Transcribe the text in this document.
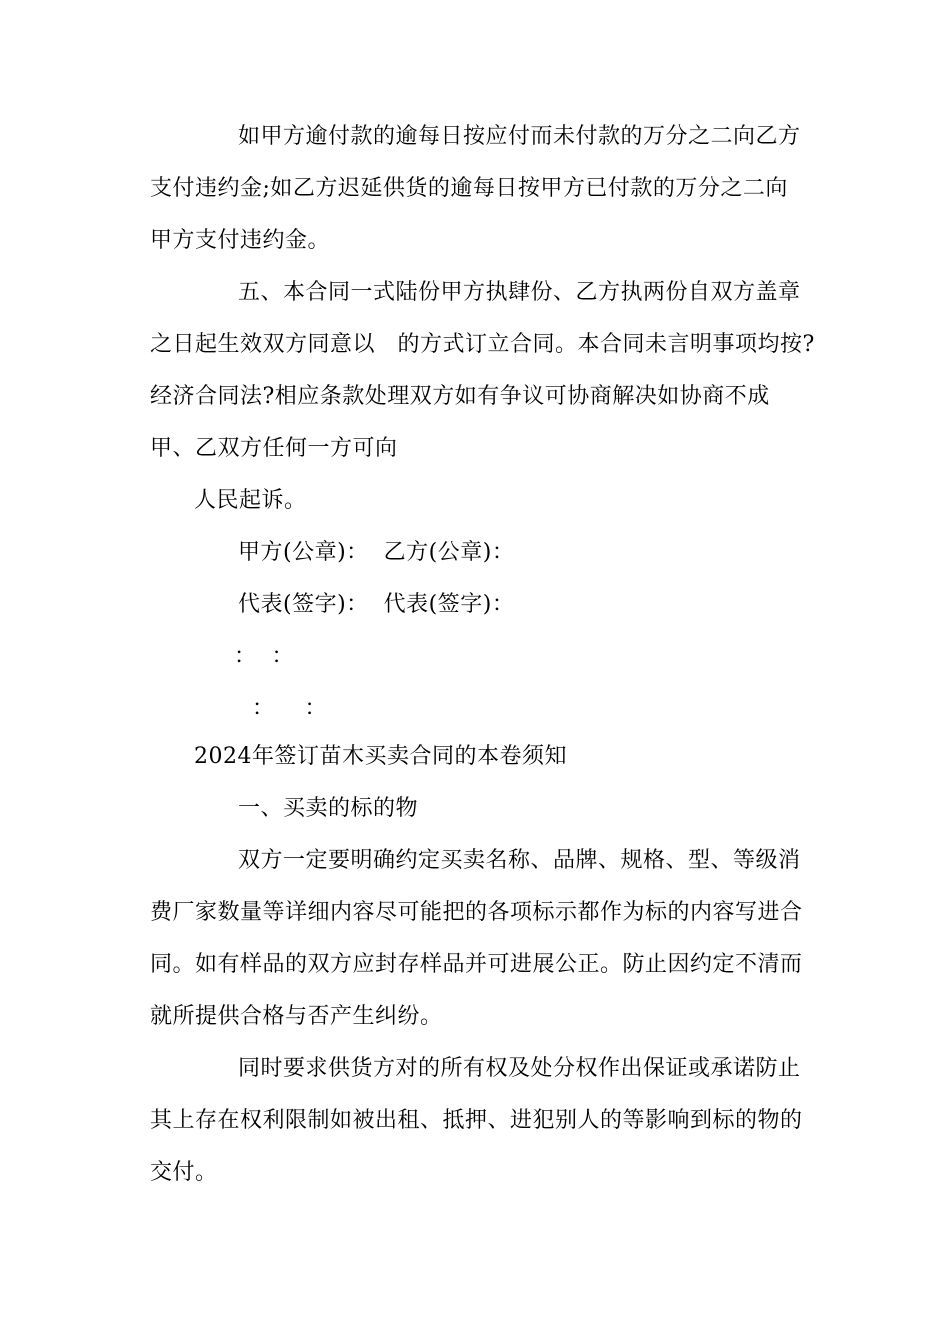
如甲方逾付款的逾每日按应付而未付款的万分之二向乙方
支付违约金;如乙方迟延供货的逾每日按甲方已付款的万分之二向
甲方支付违约金。
五、本合同一式陆份甲方执肆份、乙方执两份自双方盖章
之日起生效双方同意以   的方式订立合同。本合同未言明事项均按?
经济合同法?相应条款处理双方如有争议可协商解决如协商不成
甲、乙双方任何一方可向
人民起诉。
甲方(公章)：  乙方(公章)：
代表(签字)：  代表(签字)：
：  ：
：    ：
2024年签订苗木买卖合同的本卷须知
一、买卖的标的物
双方一定要明确约定买卖名称、品牌、规格、型、等级消
费厂家数量等详细内容尽可能把的各项标示都作为标的内容写进合
同。如有样品的双方应封存样品并可进展公正。防止因约定不清而
就所提供合格与否产生纠纷。
同时要求供货方对的所有权及处分权作出保证或承诺防止
其上存在权利限制如被出租、抵押、进犯别人的等影响到标的物的
交付。
